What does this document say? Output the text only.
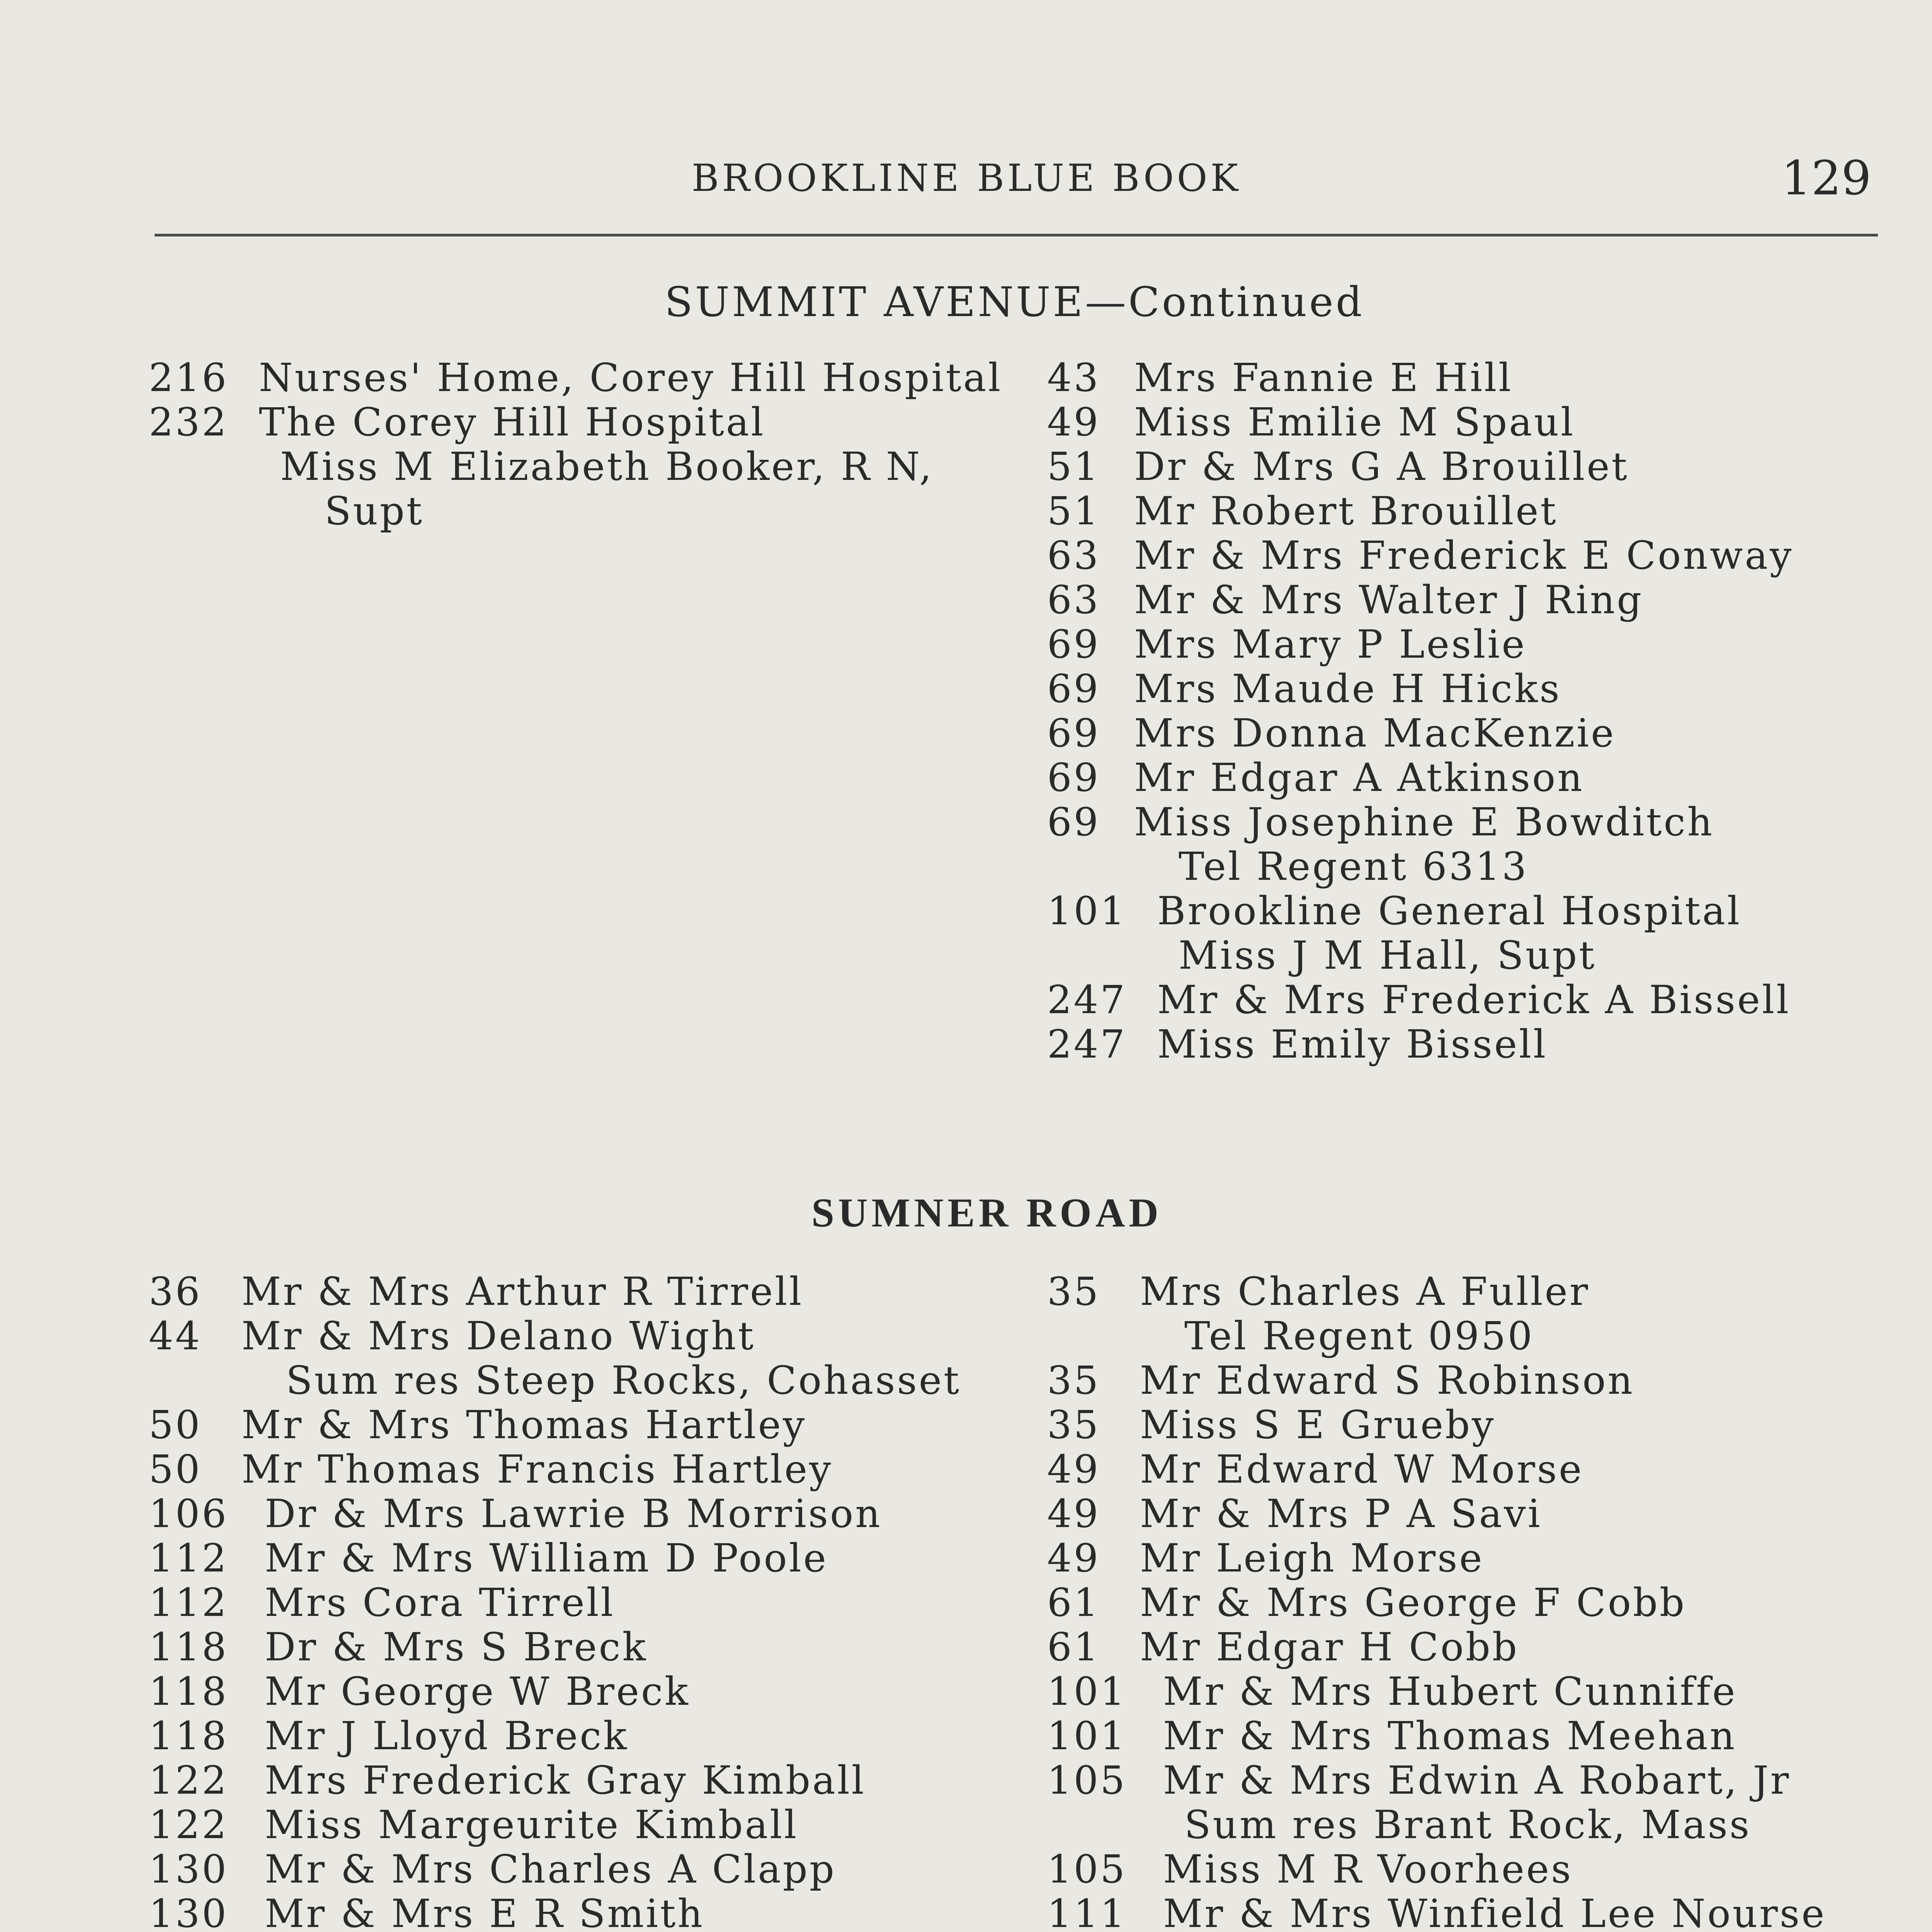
BROOKLINE BLUE BOOK	129
SUMMIT AVENUE—Continued
216 Nurses' Home, Corey Hill Hospital
232 The Corey Hill Hospital
Miss M Elizabeth Booker, R N,
Supt
43 Mrs Fannie E Hill
49 Miss Emilie M Spaul
51 Dr & Mrs G A Brouillet
51 Mr Robert Brouillet
63 Mr & Mrs Frederick E Conway
63 Mr & Mrs Walter J Ring
69 Mrs Mary P Leslie
69 Mrs Maude H Hicks
69 Mrs Donna MacKenzie
69 Mr Edgar A Atkinson
69 Miss Josephine E Bowditch
Tel Regent 6313
101 Brookline General Hospital
Miss J M Hall, Supt
247 Mr & Mrs Frederick A Bissell
247 Miss Emily Bissell
SUMNER ROAD
36	Mr & Mrs Arthur R Tirrell
44	Mr & Mrs Delano Wight
Sum res Steep Rocks, Cohasset
50	Mr & Mrs Thomas Hartley
50	Mr Thomas Francis Hartley
106 Dr & Mrs Lawrie B Morrison
112 Mr & Mrs William D Poole
112 Mrs Cora Tirrell
118 Dr & Mrs S Breck
118 Mr George W Breck
118 Mr J Lloyd Breck
122 Mrs Frederick Gray Kimball
122 Miss Margeurite Kimball
130 Mr & Mrs Charles A Clapp
130 Mr & Mrs E R Smith
35	Mrs Charles A Fuller
Tel Regent 0950
35	Mr Edward S Robinson
35	Miss S E Grueby
49	Mr Edward W Morse
49	Mr & Mrs P A Savi
49	Mr Leigh Morse
61	Mr & Mrs George F Cobb
61	Mr Edgar H Cobb
101 Mr & Mrs Hubert Cunniffe
101 Mr & Mrs Thomas Meehan
105 Mr & Mrs Edwin A Robart, Jr
Sum res Brant Rock, Mass
105 Miss M R Voorhees
111 Mr & Mrs Winfield Lee Nourse
